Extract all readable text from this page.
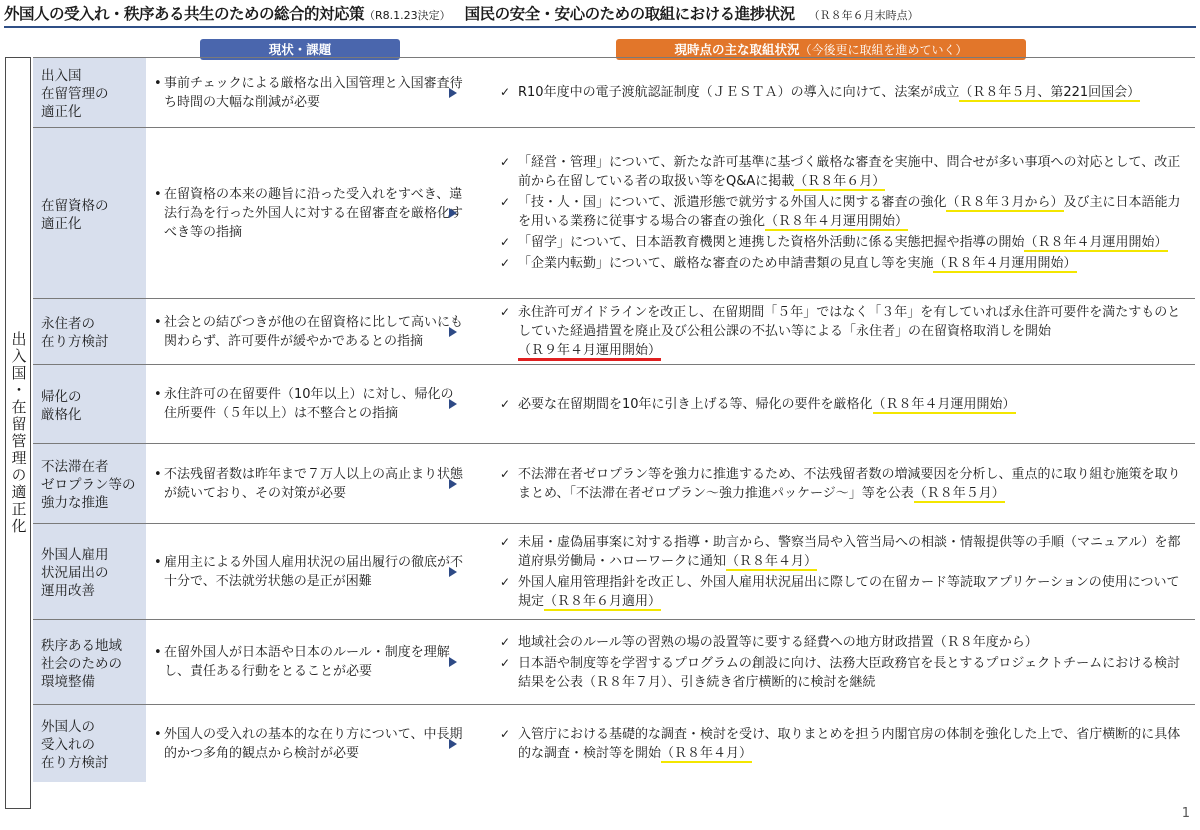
外国人の受入れ・秩序ある共生のための総合的対応策（R8.1.23決定） 国民の安全・安心のための取組における進捗状況 （Ｒ８年６月末時点）
現状・課題	現時点の主な取組状況（今後更に取組を進めていく）
出入国・在留管理の適正化
出入国
在留管理の
適正化
• 事前チェックによる厳格な出入国管理と入国審査待ち時間の大幅な削減が必要
✓ R10年度中の電子渡航認証制度（ＪＥＳＴＡ）の導入に向けて、法案が成立（Ｒ８年５月、第221回国会）
在留資格の
適正化
• 在留資格の本来の趣旨に沿った受入れをすべき、違法行為を行った外国人に対する在留審査を厳格化すべき等の指摘
✓ 「経営・管理」について、新たな許可基準に基づく厳格な審査を実施中、問合せが多い事項への対応として、改正前から在留している者の取扱い等をQ&Aに掲載（Ｒ８年６月）
✓ 「技・人・国」について、派遣形態で就労する外国人に関する審査の強化（Ｒ８年３月から）及び主に日本語能力を用いる業務に従事する場合の審査の強化（Ｒ８年４月運用開始）
✓ 「留学」について、日本語教育機関と連携した資格外活動に係る実態把握や指導の開始（Ｒ８年４月運用開始）
✓ 「企業内転勤」について、厳格な審査のため申請書類の見直し等を実施（Ｒ８年４月運用開始）
永住者の
在り方検討
• 社会との結びつきが他の在留資格に比して高いにも関わらず、許可要件が緩やかであるとの指摘
✓ 永住許可ガイドラインを改正し、在留期間「５年」ではなく「３年」を有していれば永住許可要件を満たすものとしていた経過措置を廃止及び公租公課の不払い等による「永住者」の在留資格取消しを開始（Ｒ９年４月運用開始）
帰化の
厳格化
• 永住許可の在留要件（10年以上）に対し、帰化の住所要件（５年以上）は不整合との指摘
✓ 必要な在留期間を10年に引き上げる等、帰化の要件を厳格化（Ｒ８年４月運用開始）
不法滞在者
ゼロプラン等の
強力な推進
• 不法残留者数は昨年まで７万人以上の高止まり状態が続いており、その対策が必要
✓ 不法滞在者ゼロプラン等を強力に推進するため、不法残留者数の増減要因を分析し、重点的に取り組む施策を取りまとめ、「不法滞在者ゼロプラン～強力推進パッケージ～」等を公表（Ｒ８年５月）
外国人雇用
状況届出の
運用改善
• 雇用主による外国人雇用状況の届出履行の徹底が不十分で、不法就労状態の是正が困難
✓ 未届・虚偽届事案に対する指導・助言から、警察当局や入管当局への相談・情報提供等の手順（マニュアル）を都道府県労働局・ハローワークに通知（Ｒ８年４月）
✓ 外国人雇用管理指針を改正し、外国人雇用状況届出に際しての在留カード等読取アプリケーションの使用について規定（Ｒ８年６月適用）
秩序ある地域
社会のための
環境整備
• 在留外国人が日本語や日本のルール・制度を理解し、責任ある行動をとることが必要
✓ 地域社会のルール等の習熟の場の設置等に要する経費への地方財政措置（Ｒ８年度から）
✓ 日本語や制度等を学習するプログラムの創設に向け、法務大臣政務官を長とするプロジェクトチームにおける検討結果を公表（Ｒ８年７月）、引き続き省庁横断的に検討を継続
外国人の
受入れの
在り方検討
• 外国人の受入れの基本的な在り方について、中長期的かつ多角的観点から検討が必要
✓ 入管庁における基礎的な調査・検討を受け、取りまとめを担う内閣官房の体制を強化した上で、省庁横断的に具体的な調査・検討等を開始（Ｒ８年４月）
1
